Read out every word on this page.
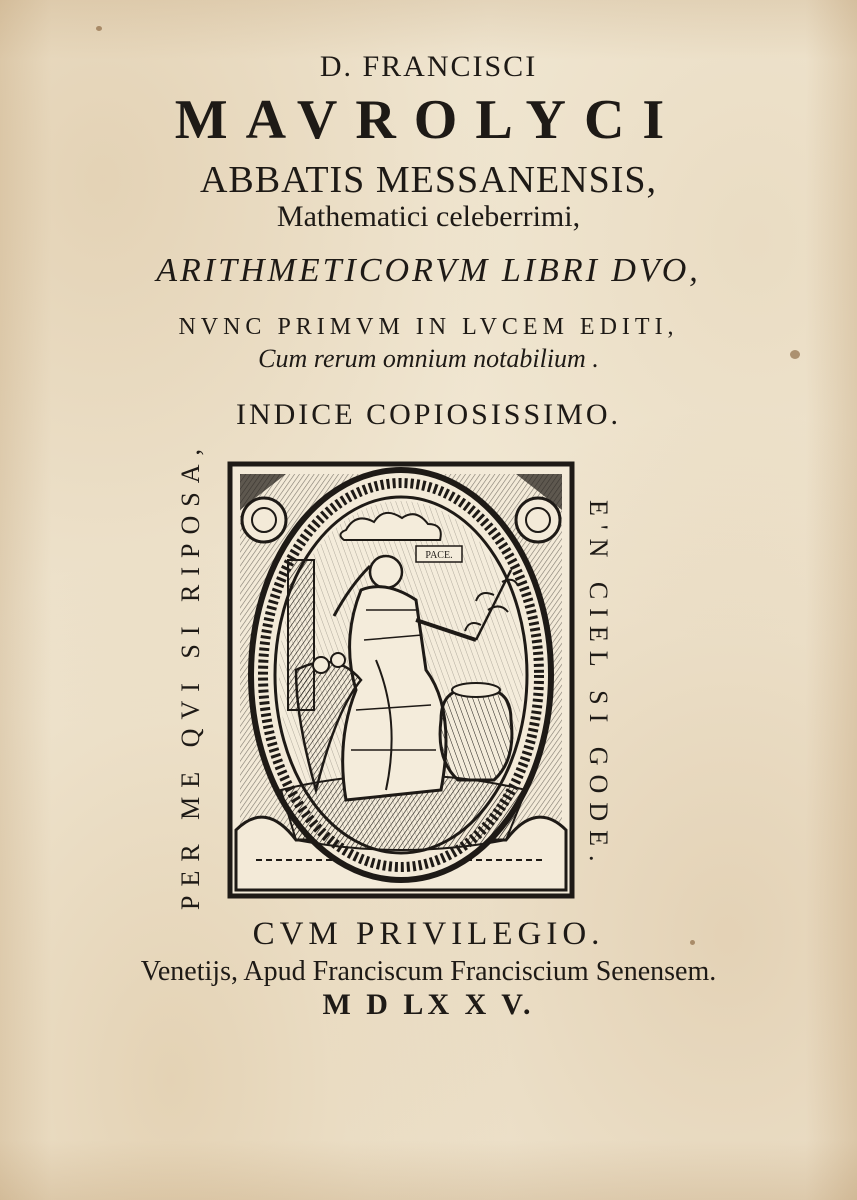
D. FRANCISCI
MAVROLYCI
ABBATIS MESSANENSIS,
Mathematici celeberrimi,
ARITHMETICORVM LIBRI DVO,
NVNC PRIMVM IN LVCEM EDITI,
Cum rerum omnium notabilium .
INDICE COPIOSISSIMO.
PER ME QVI SI RIPOSA,	E'N CIEL SI GODE.
PACE.
CVM PRIVILEGIO.
Venetijs, Apud Franciscum Franciscium Senensem.
M D LX X V.
